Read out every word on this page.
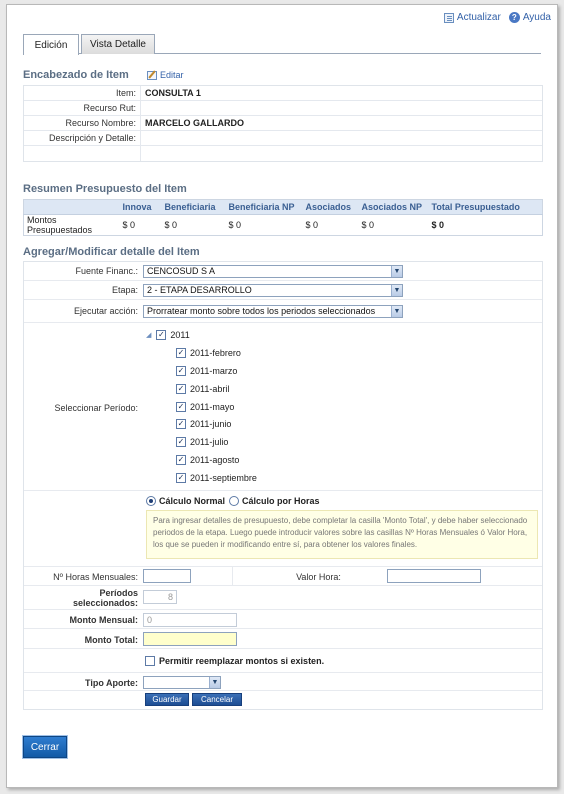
Actualizar	? Ayuda
Edición	Vista Detalle
Encabezado de Item	Editar
Item:	CONSULTA 1
Recurso Rut:
Recurso Nombre:	MARCELO GALLARDO
Descripción y Detalle:
Resumen Presupuesto del Item
	Innova	Beneficiaria	Beneficiaria NP	Asociados	Asociados NP	Total Presupuestado
Montos Presupuestados	$ 0	$ 0	$ 0	$ 0	$ 0	$ 0
Agregar/Modificar detalle del Item
Fuente Financ.:	CENCOSUD S A	▼
Etapa:	2 - ETAPA DESARROLLO	▼
Ejecutar acción:	Prorratear monto sobre todos los periodos seleccionados	▼
Seleccionar Período:
◢ ✓ 2011
✓ 2011-febrero
✓ 2011-marzo
✓ 2011-abril
✓ 2011-mayo
✓ 2011-junio
✓ 2011-julio
✓ 2011-agosto
✓ 2011-septiembre
Cálculo Normal Cálculo por Horas
Para ingresar detalles de presupuesto, debe completar la casilla 'Monto Total', y debe haber seleccionado periodos de la etapa. Luego puede introducir valores sobre las casillas Nº Horas Mensuales ó Valor Hora, los que se pueden ir modificando entre sí, para obtener los valores finales.
Nº Horas Mensuales:	Valor Hora:
Períodos
seleccionados:
8
Monto Mensual:	0
Monto Total:
Permitir reemplazar montos si existen.
Tipo Aporte:	▼
Guardar	Cancelar
Cerrar
